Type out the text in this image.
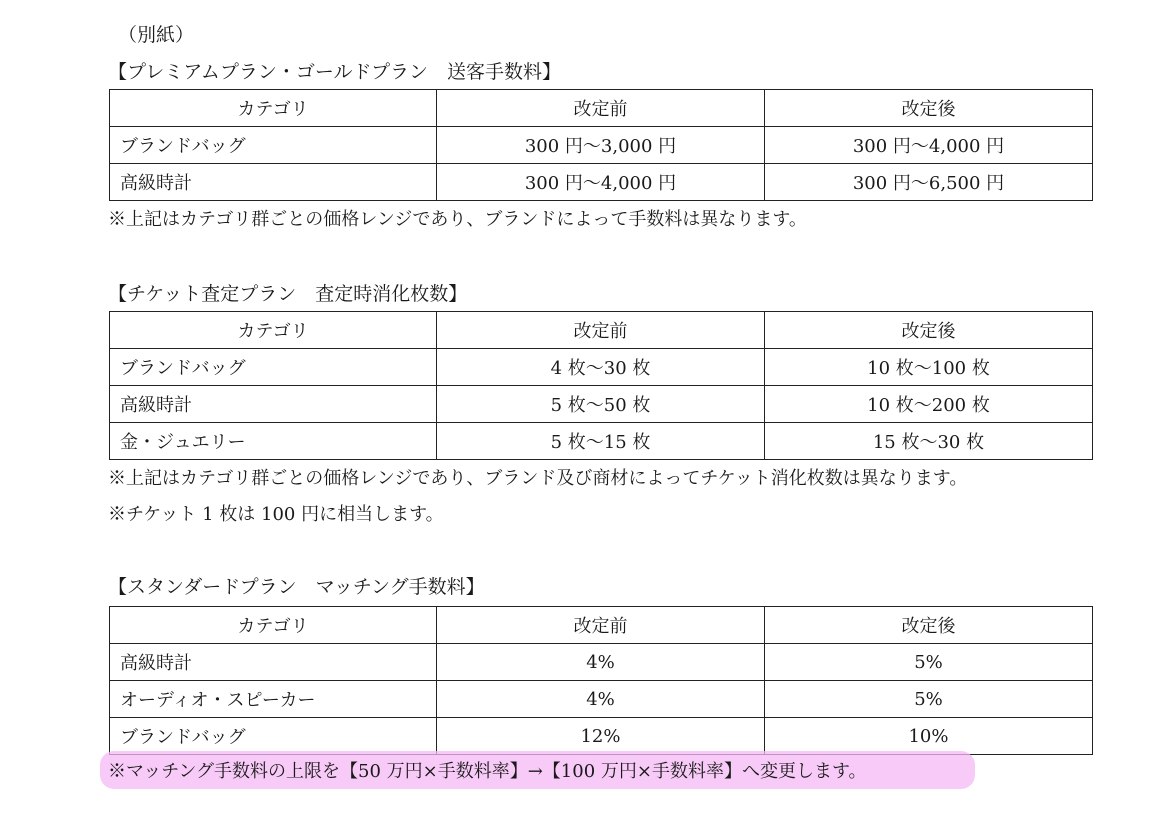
（別紙）
【プレミアムプラン・ゴールドプラン　送客手数料】
カテゴリ	改定前	改定後
ブランドバッグ	300 円〜3,000 円	300 円〜4,000 円
高級時計	300 円〜4,000 円	300 円〜6,500 円
※上記はカテゴリ群ごとの価格レンジであり、ブランドによって手数料は異なります。
【チケット査定プラン　査定時消化枚数】
カテゴリ	改定前	改定後
ブランドバッグ	4 枚〜30 枚	10 枚〜100 枚
高級時計	5 枚〜50 枚	10 枚〜200 枚
金・ジュエリー	5 枚〜15 枚	15 枚〜30 枚
※上記はカテゴリ群ごとの価格レンジであり、ブランド及び商材によってチケット消化枚数は異なります。
※チケット 1 枚は 100 円に相当します。
【スタンダードプラン　マッチング手数料】
カテゴリ	改定前	改定後
高級時計	4%	5%
オーディオ・スピーカー	4%	5%
ブランドバッグ	12%	10%
※マッチング手数料の上限を【50 万円×手数料率】→【100 万円×手数料率】へ変更します。
